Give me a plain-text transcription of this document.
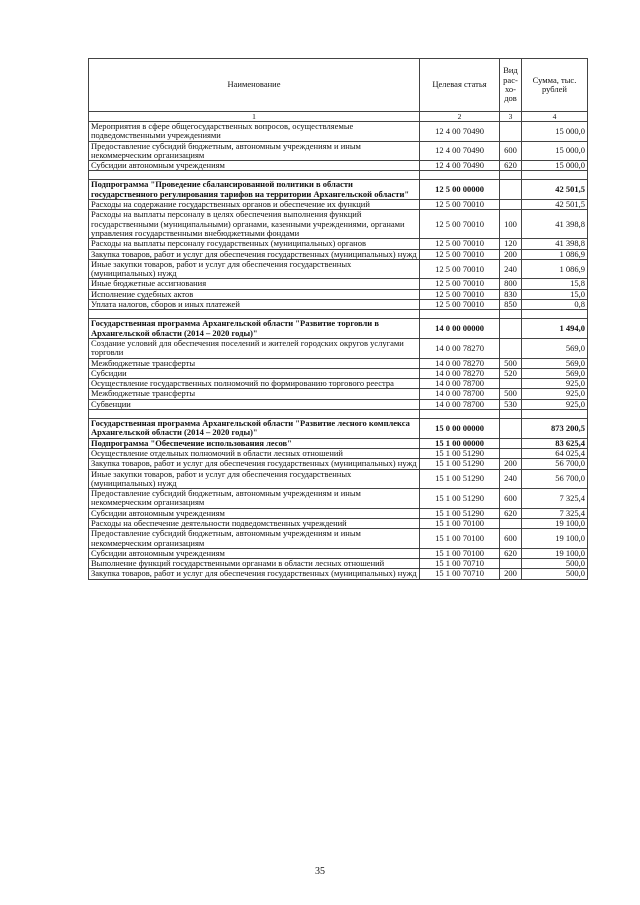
Наименование	Целевая статья	Вид рас-хо-дов	Сумма, тыс. рублей
1	2	3	4
Мероприятия в сфере общегосударственных вопросов, осуществляемые подведомственными учреждениями	12 4 00 70490		15 000,0
Предоставление субсидий бюджетным, автономным учреждениям и иным некоммерческим организациям	12 4 00 70490	600	15 000,0
Субсидии автономным учреждениям	12 4 00 70490	620	15 000,0

Подпрограмма "Проведение сбалансированной политики в области государственного регулирования тарифов на территории Архангельской области"	12 5 00 00000		42 501,5
Расходы на содержание государственных органов и обеспечение их функций	12 5 00 70010		42 501,5
Расходы на выплаты персоналу в целях обеспечения выполнения функций государственными (муниципальными) органами, казенными учреждениями, органами управления государственными внебюджетными фондами	12 5 00 70010	100	41 398,8
Расходы на выплаты персоналу государственных (муниципальных) органов	12 5 00 70010	120	41 398,8
Закупка товаров, работ и услуг для обеспечения государственных (муниципальных) нужд	12 5 00 70010	200	1 086,9
Иные закупки товаров, работ и услуг для обеспечения государственных (муниципальных) нужд	12 5 00 70010	240	1 086,9
Иные бюджетные ассигнования	12 5 00 70010	800	15,8
Исполнение судебных актов	12 5 00 70010	830	15,0
Уплата налогов, сборов и иных платежей	12 5 00 70010	850	0,8

Государственная программа Архангельской области "Развитие торговли в Архангельской области (2014 – 2020 годы)"	14 0 00 00000		1 494,0
Создание условий для обеспечения поселений и жителей городских округов услугами торговли	14 0 00 78270		569,0
Межбюджетные трансферты	14 0 00 78270	500	569,0
Субсидии	14 0 00 78270	520	569,0
Осуществление государственных полномочий по формированию торгового реестра	14 0 00 78700		925,0
Межбюджетные трансферты	14 0 00 78700	500	925,0
Субвенции	14 0 00 78700	530	925,0

Государственная программа Архангельской области "Развитие лесного комплекса Архангельской области (2014 – 2020 годы)"	15 0 00 00000		873 200,5
Подпрограмма "Обеспечение использования лесов"	15 1 00 00000		83 625,4
Осуществление отдельных полномочий в области лесных отношений	15 1 00 51290		64 025,4
Закупка товаров, работ и услуг для обеспечения государственных (муниципальных) нужд	15 1 00 51290	200	56 700,0
Иные закупки товаров, работ и услуг для обеспечения государственных (муниципальных) нужд	15 1 00 51290	240	56 700,0
Предоставление субсидий бюджетным, автономным учреждениям и иным некоммерческим организациям	15 1 00 51290	600	7 325,4
Субсидии автономным учреждениям	15 1 00 51290	620	7 325,4
Расходы на обеспечение деятельности подведомственных учреждений	15 1 00 70100		19 100,0
Предоставление субсидий бюджетным, автономным учреждениям и иным некоммерческим организациям	15 1 00 70100	600	19 100,0
Субсидии автономным учреждениям	15 1 00 70100	620	19 100,0
Выполнение функций государственными органами в области лесных отношений	15 1 00 70710		500,0
Закупка товаров, работ и услуг для обеспечения государственных (муниципальных) нужд	15 1 00 70710	200	500,0
35
